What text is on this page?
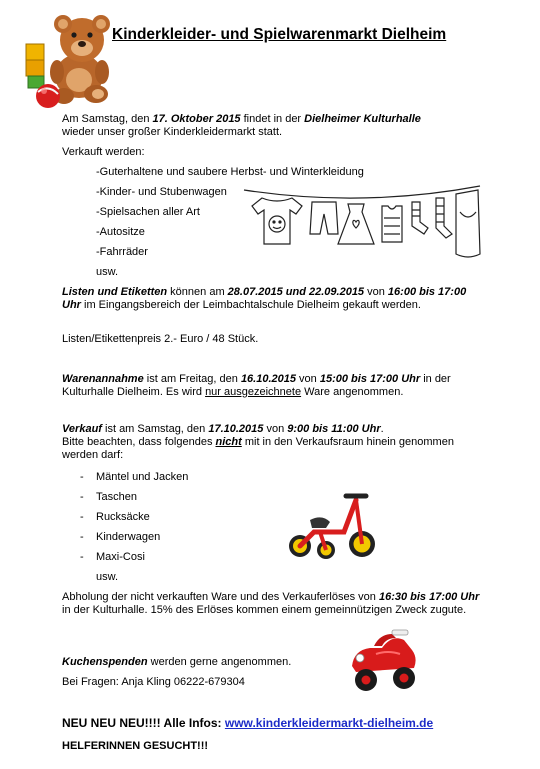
Kinderkleider- und Spielwarenmarkt Dielheim
Am Samstag, den 17. Oktober 2015 findet in der Dielheimer Kulturhalle
wieder unser großer Kinderkleidermarkt statt.
Verkauft werden:
-Guterhaltene und saubere Herbst- und Winterkleidung
-Kinder- und Stubenwagen
-Spielsachen aller Art
-Autositze
-Fahrräder
usw.
Listen und Etiketten können am 28.07.2015 und 22.09.2015 von 16:00 bis 17:00 Uhr im Eingangsbereich der Leimbachtalschule Dielheim gekauft werden.
Listen/Etikettenpreis 2.- Euro / 48 Stück.
Warenannahme ist am Freitag, den 16.10.2015 von 15:00 bis 17:00 Uhr in der Kulturhalle Dielheim. Es wird nur ausgezeichnete Ware angenommen.
Verkauf ist am Samstag, den 17.10.2015 von 9:00 bis 11:00 Uhr.
Bitte beachten, dass folgendes nicht mit in den Verkaufsraum hinein genommen werden darf:
-	Mäntel und Jacken
-	Taschen
-	Rucksäcke
-	Kinderwagen
-	Maxi-Cosi
usw.
Abholung der nicht verkauften Ware und des Verkauferlöses von 16:30 bis 17:00 Uhr in der Kulturhalle. 15% des Erlöses kommen einem gemeinnützigen Zweck zugute.
Kuchenspenden werden gerne angenommen.
Bei Fragen: Anja Kling 06222-679304
NEU NEU NEU!!!! Alle Infos: www.kinderkleidermarkt-dielheim.de
HELFERINNEN GESUCHT!!!
